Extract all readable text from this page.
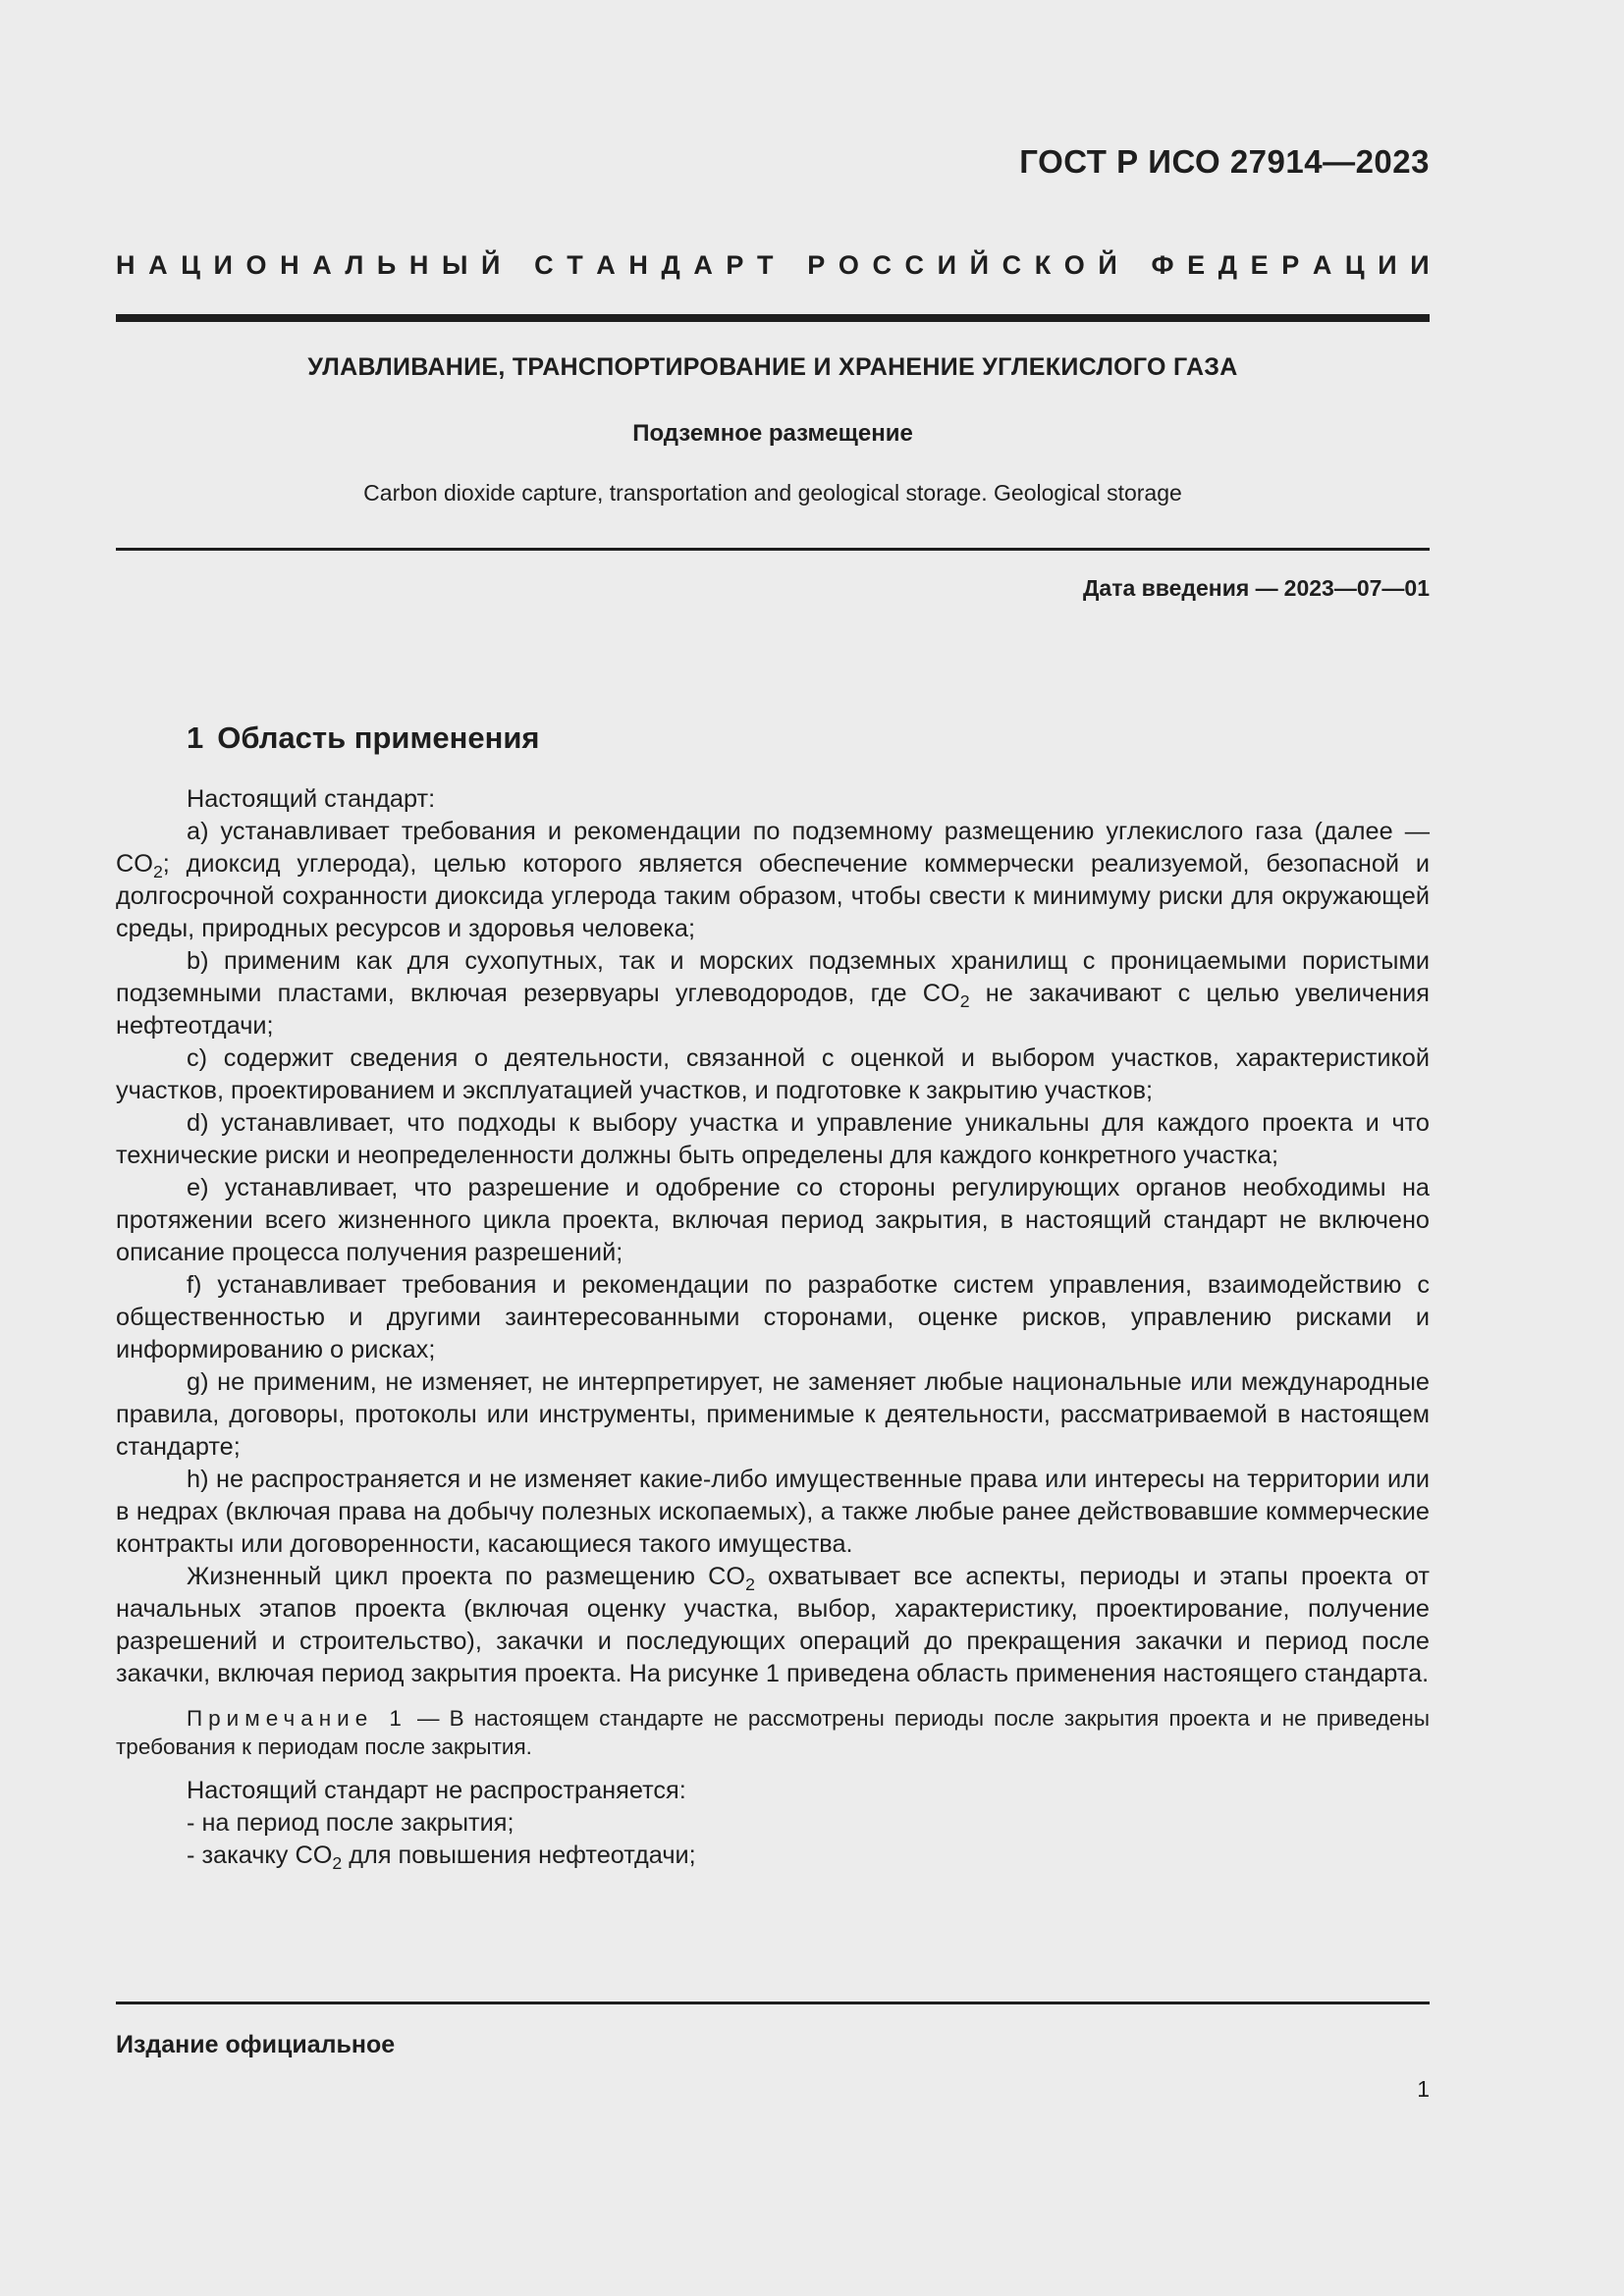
ГОСТ Р ИСО 27914—2023
Н А Ц И О Н А Л Ь Н Ы Й
С Т А Н Д А Р Т
Р О С С И Й С К О Й
Ф Е Д Е Р А Ц И И
УЛАВЛИВАНИЕ, ТРАНСПОРТИРОВАНИЕ И ХРАНЕНИЕ УГЛЕКИСЛОГО ГАЗА
Подземное размещение
Carbon dioxide capture, transportation and geological storage. Geological storage
Дата введения — 2023—07—01
1 Область применения

Настоящий стандарт:

a) устанавливает требования и рекомендации по подземному размещению углекислого газа (далее — $CO_2$; диоксид углерода), целью которого является обеспечение коммерчески реализуемой, безопасной и долгосрочной сохранности диоксида углерода таким образом, чтобы свести к минимуму риски для окружающей среды, природных ресурсов и здоровья человека;

b) применим как для сухопутных, так и морских подземных хранилищ с проницаемыми пористыми подземными пластами, включая резервуары углеводородов, где $CO_2$ не закачивают с целью увеличения нефтеотдачи;

c) содержит сведения о деятельности, связанной с оценкой и выбором участков, характеристикой участков, проектированием и эксплуатацией участков, и подготовке к закрытию участков;

d) устанавливает, что подходы к выбору участка и управление уникальны для каждого проекта и что технические риски и неопределенности должны быть определены для каждого конкретного участка;

e) устанавливает, что разрешение и одобрение со стороны регулирующих органов необходимы на протяжении всего жизненного цикла проекта, включая период закрытия, в настоящий стандарт не включено описание процесса получения разрешений;

f) устанавливает требования и рекомендации по разработке систем управления, взаимодействию с общественностью и другими заинтересованными сторонами, оценке рисков, управлению рисками и информированию о рисках;

g) не применим, не изменяет, не интерпретирует, не заменяет любые национальные или международные правила, договоры, протоколы или инструменты, применимые к деятельности, рассматриваемой в настоящем стандарте;

h) не распространяется и не изменяет какие-либо имущественные права или интересы на территории или в недрах (включая права на добычу полезных ископаемых), а также любые ранее действовавшие коммерческие контракты или договоренности, касающиеся такого имущества.

Жизненный цикл проекта по размещению $CO_2$ охватывает все аспекты, периоды и этапы проекта от начальных этапов проекта (включая оценку участка, выбор, характеристику, проектирование, получение разрешений и строительство), закачки и последующих операций до прекращения закачки и период после закачки, включая период закрытия проекта. На рисунке 1 приведена область применения настоящего стандарта.

Примечание 1 — В настоящем стандарте не рассмотрены периоды после закрытия проекта и не приведены требования к периодам после закрытия.

Настоящий стандарт не распространяется:

- на период после закрытия;

- закачку $CO_2$ для повышения нефтеотдачи;

Издание официальное
1
